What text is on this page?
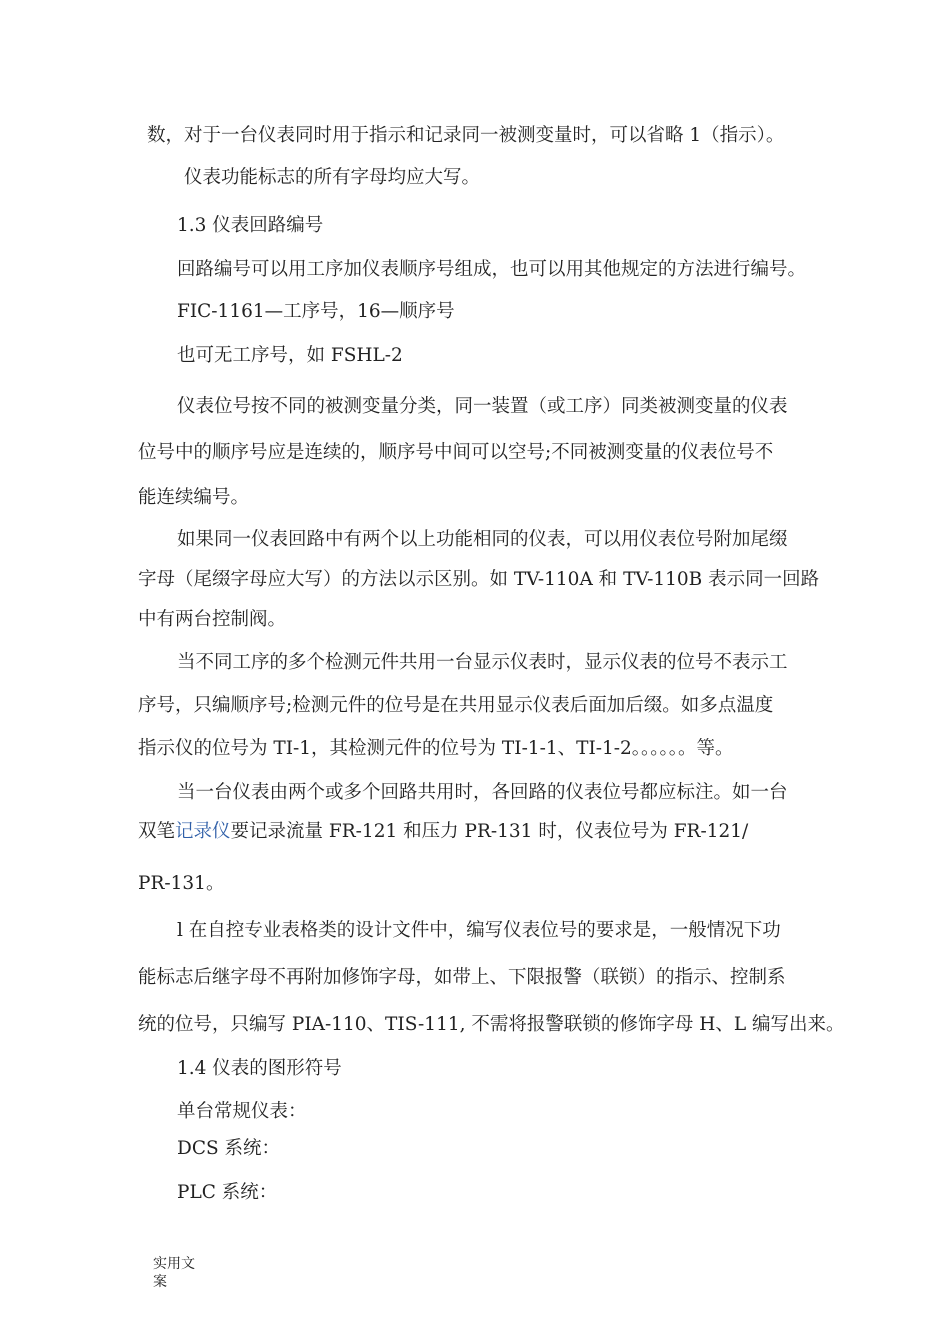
数，对于一台仪表同时用于指示和记录同一被测变量时，可以省略 1（指示）。
仪表功能标志的所有字母均应大写。
1.3 仪表回路编号
回路编号可以用工序加仪表顺序号组成，也可以用其他规定的方法进行编号。
FIC-1161—工序号，16—顺序号
也可无工序号，如 FSHL-2
仪表位号按不同的被测变量分类，同一装置（或工序）同类被测变量的仪表
位号中的顺序号应是连续的，顺序号中间可以空号;不同被测变量的仪表位号不
能连续编号。
如果同一仪表回路中有两个以上功能相同的仪表，可以用仪表位号附加尾缀
字母（尾缀字母应大写）的方法以示区别。如 TV-110A 和 TV-110B 表示同一回路
中有两台控制阀。
当不同工序的多个检测元件共用一台显示仪表时，显示仪表的位号不表示工
序号，只编顺序号;检测元件的位号是在共用显示仪表后面加后缀。如多点温度
指示仪的位号为 TI-1，其检测元件的位号为 TI-1-1、TI-1-2。。。。。。等。
当一台仪表由两个或多个回路共用时，各回路的仪表位号都应标注。如一台
双笔记录仪要记录流量 FR-121 和压力 PR-131 时，仪表位号为 FR-121/
PR-131。
l 在自控专业表格类的设计文件中，编写仪表位号的要求是，一般情况下功
能标志后继字母不再附加修饰字母，如带上、下限报警（联锁）的指示、控制系
统的位号，只编写 PIA-110、TIS-111, 不需将报警联锁的修饰字母 H、L 编写出来。
1.4 仪表的图形符号
单台常规仪表：
DCS 系统：
PLC 系统：
实用文
案
